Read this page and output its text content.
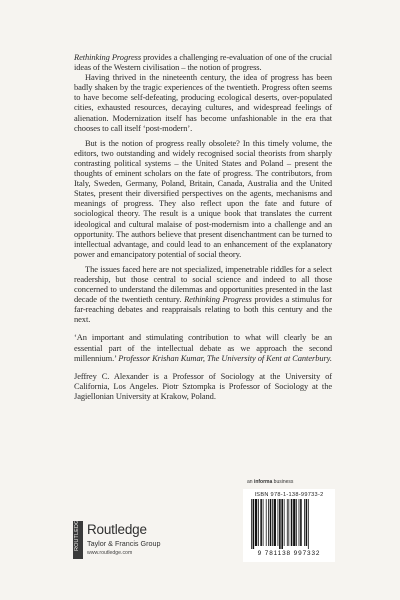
Rethinking Progress provides a challenging re-evaluation of one of the crucial ideas of the Western civilisation – the notion of progress.

Having thrived in the nineteenth century, the idea of progress has been badly shaken by the tragic experiences of the twentieth. Progress often seems to have become self-defeating, producing ecological deserts, over-populated cities, exhausted resources, decaying cultures, and widespread feelings of alienation. Modernization itself has become unfashionable in the era that chooses to call itself ‘post-modern’.

But is the notion of progress really obsolete? In this timely volume, the editors, two outstanding and widely recognised social theorists from sharply contrasting political systems – the United States and Poland – present the thoughts of eminent scholars on the fate of progress. The contributors, from Italy, Sweden, Germany, Poland, Britain, Canada, Australia and the United States, present their diversified perspectives on the agents, mechanisms and meanings of progress. They also reflect upon the fate and future of sociological theory. The result is a unique book that translates the current ideological and cultural malaise of post-modernism into a challenge and an opportunity. The authors believe that present disenchantment can be turned to intellectual advantage, and could lead to an enhancement of the explanatory power and emancipatory potential of social theory.

The issues faced here are not specialized, impenetrable riddles for a select readership, but those central to social science and indeed to all those concerned to understand the dilemmas and opportunities presented in the last decade of the twentieth century. Rethinking Progress provides a stimulus for far-reaching debates and reappraisals relating to both this century and the next.

‘An important and stimulating contribution to what will clearly be an essential part of the intellectual debate as we approach the second millennium.’ Professor Krishan Kumar, The University of Kent at Canterbury.

Jeffrey C. Alexander is a Professor of Sociology at the University of California, Los Angeles. Piotr Sztompka is Professor of Sociology at the Jagiellonian University at Krakow, Poland.

an informa business
ROUTLEDGE Routledge
Taylor & Francis Group
www.routledge.com
ISBN 978-1-138-99733-2
9 781138 997332
